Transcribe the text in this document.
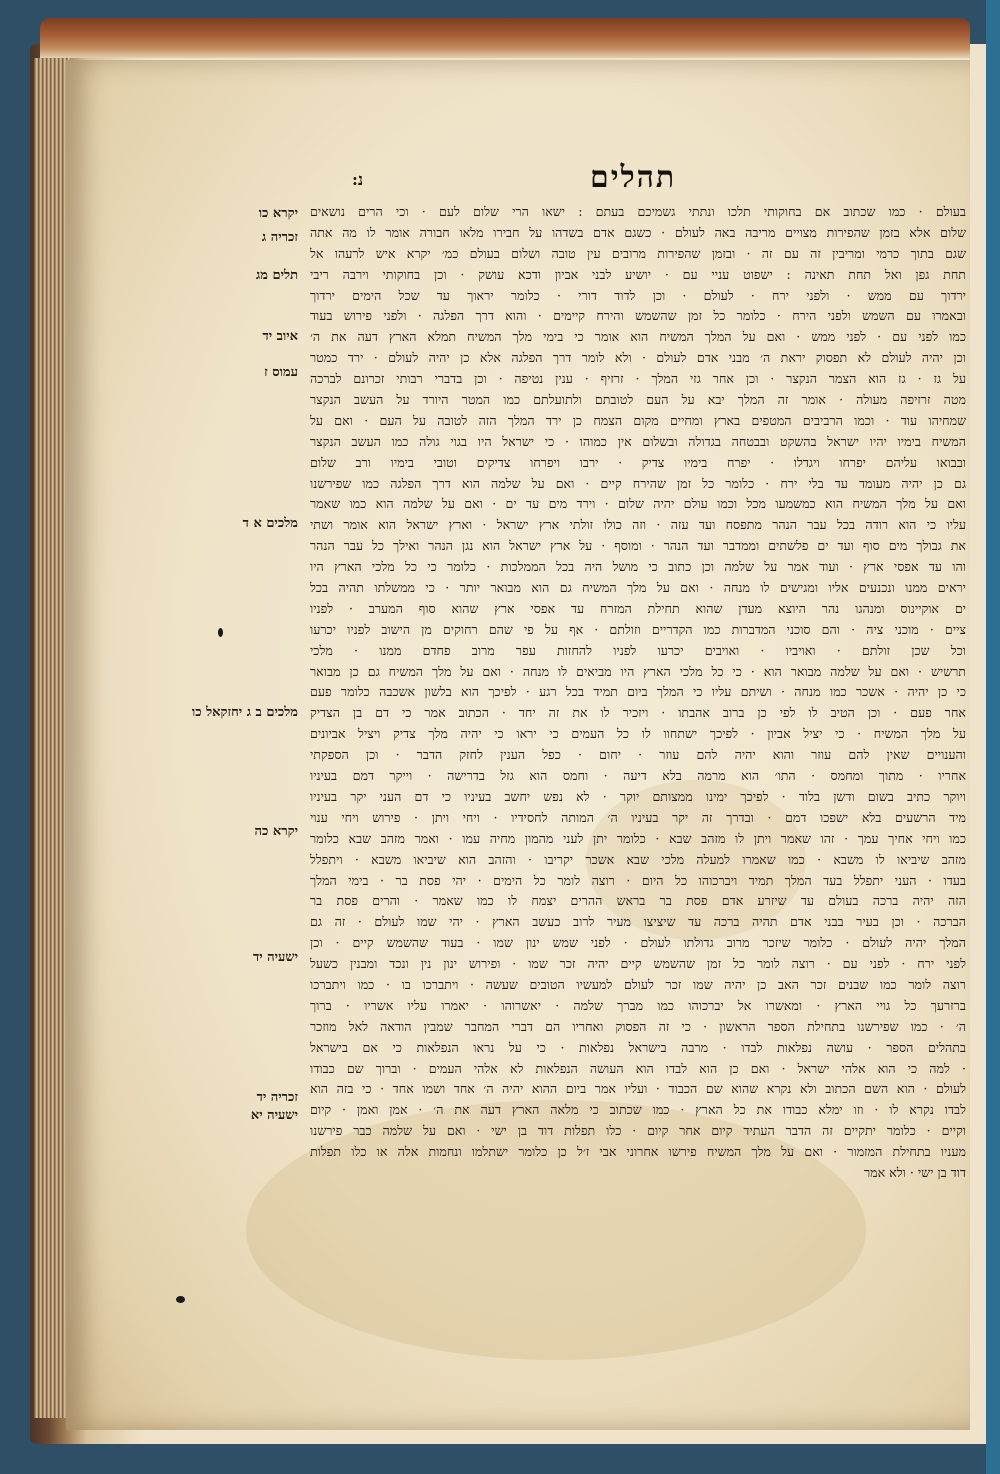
נ:	תהלים
יקרא כו
זכריה ג
תלים מג
איוב יד
עמוס ז
מלכים א ד
מלכים ב ג יחזקאל כו
יקרא כה
ישעיה יד
זכריה יד
ישעיה יא
בעולם · כמו שכתוב אם בחוקותי תלכו ונתתי גשמיכם בעתם : ישאו הרי שלום לעם · וכי הרים נושאים
שלום אלא בזמן שהפירות מצויים מריבה באה לעולם · כשגם אדם בשדהו על חבירו מלאו חבורה אומר לו מה אתה
שגם בתוך כרמי ומריבין זה עם זה · ובזמן שהפירות מרובים עין טובה ושלום בעולם כמ׳ יקרא איש לרעהו אל
תחת גפן ואל תחת תאינה : ישפוט עניי עם · יושיע לבני אביון ודכא עושק · וכן בחוקותי וירבה ריבי
ירדוך עם ממש · ולפני ירח · לעולם · וכן לדוד דורי · כלומר יראוך עד שכל הימים ירדוך
ובאמרו עם השמש ולפני הירח · כלומר כל זמן שהשמש והירח קיימים · והוא דרך הפלגה · ולפני פירוש בעוד
כמו לפני עם · לפני ממש · ואם על המלך המשיח הוא אומר כי בימי מלך המשיח תמלא הארץ דעה את ה׳
וכן יהיה לעולם לא תפסוק יראת ה׳ מבני אדם לעולם · ולא לומר דרך הפלגה אלא כן יהיה לעולם · ירד כמטר
על גז · גז הוא הצמר הנקצר · וכן אחר גזי המלך · זרזיף · ענין נטיפה · וכן בדברי רבותי זכרונם לברכה
מטה זרזיפה מעולה · אומר זה המלך יבא על העם לטובתם ולתועלתם כמו המטר היורד על העשב הנקצר
שמחיהו עוד · וכמו הרביבים המטפים בארץ ומחיים מקום הצמח כן ירד המלך הזה לטובה על העם · ואם על
המשיח בימיו יהיו ישראל בהשקט ובבטחה בגדולה ובשלום אין כמוהו · כי ישראל היו בגוי גולה כמו העשב הנקצר
ובבואו עליהם יפרחו ויגדלו · יפרח בימיו צדיק · ירבו ויפרחו צדיקים וטובי בימיו ורב שלום
גם כן יהיה מעומד עד בלי ירח · כלומר כל זמן שהירח קיים · ואם על שלמה הוא דרך הפלגה כמו שפירשנו
ואם על מלך המשיח הוא כמשמעו מכל וכמו עולם יהיה שלום · וירד מים עד ים · ואם על שלמה הוא כמו שאמר
עליו כי הוא רודה בכל עבר הנהר מתפסח ועד עזה · וזה כולו זולתי ארץ ישראל · וארץ ישראל הוא אומר ושתי
את גבולך מים סוף ועד ים פלשתים וממדבר ועד הנהר · ומוסף · על ארץ ישראל הוא נגן הנהר ואילך כל עבר הנהר
והו עד אפסי ארץ · ועוד אמר על שלמה וכן כתוב כי מושל היה בכל הממלכות · כלומר כי כל מלכי הארץ היו
יראים ממנו ונכנעים אליו ומגישים לו מנחה · ואם על מלך המשיח גם הוא מבואר יותר · כי ממשלתו תהיה בכל
ים אוקיינוס ומנהגו נהר היוצא מעדן שהוא תחילת המזרח עד אפסי ארץ שהוא סוף המערב · לפניו
ציים · מוכני ציה · והם סוכני המדברות כמו הקדריים וזולתם · אף על פי שהם רחוקים מן הישוב לפניו יכרעו
וכל שכן זולתם · ואויביו · ואויבים יכרעו לפניו להחזות עפר מרוב פחדם ממנו · מלכי
תרשיש · ואם על שלמה מבואר הוא · כי כל מלכי הארץ היו מביאים לו מנחה · ואם על מלך המשיח גם כן מבואר
כי כן יהיה · אשכר כמו מנחה · ושיתם עליו כי המלך ביום תמיד בכל רגע · לפיכך הוא בלשון אשכבה כלומר פעם
אחר פעם · וכן הטיב לו לפי כן ברוב אהבתו · ויזכיר לו את זה יחד · הכתוב אמר כי דם בן הצדיק
על מלך המשיח · כי יציל אביון · לפיכך ישתחוו לו כל העמים כי יראו כי יהיה מלך צדיק ויציל אביונים
והענויים שאין להם עוזר והוא יהיה להם עוזר · יחום · כפל הענין לחזק הדבר · וכן הספקתי
אחריו · מתוך ומחמס · התו׳ הוא מרמה בלא דיעה · וחמס הוא גזל בדרישה · וייקר דמם בעיניו
ויוקר כתיב בשום ודשן בלוד · לפיכך ימינו ממצותם יוקר · לא נפש יחשב בעיניו כי דם העני יקר בעיניו
מיד הרשעים בלא ישפכו דמם · ובדרך זה יקר בעיניו ה׳ המותה לחסידיו · ויחי ויתן · פירוש ויחי ענוי
כמו ויחי אחיך עמך · זהו שאמר ויתן לו מזהב שבא · כלומר יתן לעני מהמון מחיה עמו · ואמר מזהב שבא כלומר
מזהב שיביאו לו משבא · כמו שאמרו למעלה מלכי שבא אשכר יקריבו · והזהב הוא שיביאו משבא · ויתפלל
בעדו · העני יתפלל בעד המלך תמיד ויברכוהו כל היום · רוצה לומר כל הימים · יהי פסת בר · בימי המלך
הזה יהיה ברכה בעולם עד שיזרע אדם פסת בר בראש ההרים יצמח לו כמו שאמר · והרים פסת בר
הברכה · וכן בעיר בבני אדם תהיה ברכה עד שיציצו מעיר לרוב כעשב הארץ · יהי שמו לעולם · זה גם
המלך יהיה לעולם · כלומר שיזכר מרוב גדולתו לעולם · לפני שמש ינון שמו · בעוד שהשמש קיים · וכן
לפני ירח · לפני עם · רוצה לומר כל זמן שהשמש קיים יהיה זכר שמו · ופירוש ינון נין ונכד ומבנין כשעל
רוצה לומר כמו שבנים זכר האב כן יהיה שמו זכר לעולם למעשיו הטובים שעשה · ויתברכו בו · כמו ויתברכו
ברזרעך כל גויי הארץ · ומאשרו אל יברכוהו כמו מברך שלמה · יאשרוהו · יאמרו עליו אשריו · ברוך
ה׳ · כמו שפירשנו בתחילת הספר הראשון · כי זה הפסוק ואחריו הם דברי המחבר שמבין הודאה לאל מוזכר
בתהלים הספר · עושה נפלאות לבדו · מרבה בישראל נפלאות · כי על נראו הנפלאות כי אם בישראל
· למה כי הוא אלהי ישראל · ואם כן הוא לבדו הוא העושה הנפלאות לא אלהי העמים · וברוך שם כבודו
לעולם · הוא השם הכתוב ולא נקרא שהוא שם הכבוד · ועליו אמר ביום ההוא יהיה ה׳ אחד ושמו אחד · כי בזה הוא
לבדו נקרא לו · וזו ימלא כבודו את כל הארץ · כמו שכתוב כי מלאה הארץ דעה את ה׳ · אמן ואמן · קיום
וקיים · כלומר יתקיים זה הדבר העתיד קיום אחר קיום · כלו תפלות דוד בן ישי · ואם על שלמה כבר פירשנו
מעניו בתחילת המזמור · ואם על מלך המשיח פירשו אחרוני אבי ז׳ל כן כלומר ישתלמו ונחמות אלה או כלו תפלות
דוד בן ישי · ולא אמר
